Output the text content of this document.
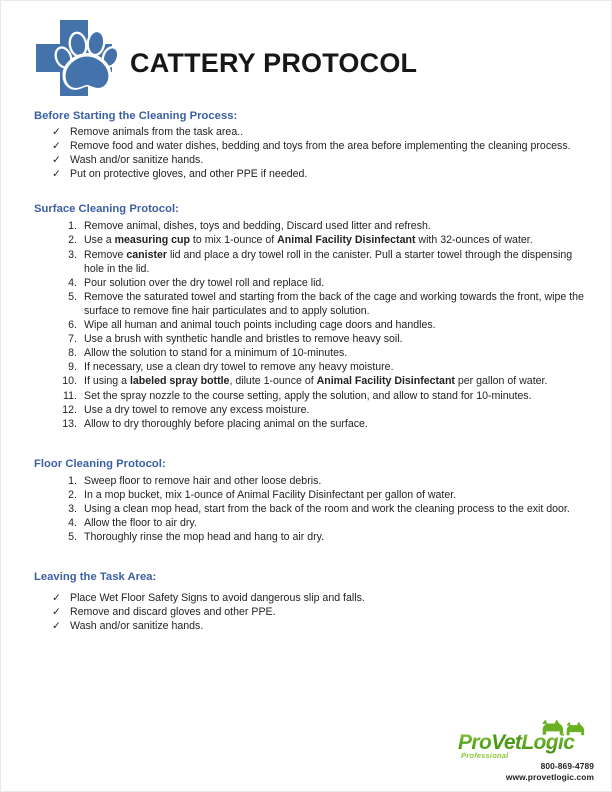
CATTERY PROTOCOL
Before Starting the Cleaning Process:
✓ Remove animals from the task area..
✓ Remove food and water dishes, bedding and toys from the area before implementing the cleaning process.
✓ Wash and/or sanitize hands.
✓ Put on protective gloves, and other PPE if needed.
Surface Cleaning Protocol:
1. Remove animal, dishes, toys and bedding, Discard used litter and refresh.
2. Use a measuring cup to mix 1-ounce of Animal Facility Disinfectant with 32-ounces of water.
3. Remove canister lid and place a dry towel roll in the canister. Pull a starter towel through the dispensing hole in the lid.
4. Pour solution over the dry towel roll and replace lid.
5. Remove the saturated towel and starting from the back of the cage and working towards the front, wipe the surface to remove fine hair particulates and to apply solution.
6. Wipe all human and animal touch points including cage doors and handles.
7. Use a brush with synthetic handle and bristles to remove heavy soil.
8. Allow the solution to stand for a minimum of 10-minutes.
9. If necessary, use a clean dry towel to remove any heavy moisture.
10. If using a labeled spray bottle, dilute 1-ounce of Animal Facility Disinfectant per gallon of water.
11. Set the spray nozzle to the course setting, apply the solution, and allow to stand for 10-minutes.
12. Use a dry towel to remove any excess moisture.
13. Allow to dry thoroughly before placing animal on the surface.
Floor Cleaning Protocol:
1. Sweep floor to remove hair and other loose debris.
2. In a mop bucket, mix 1-ounce of Animal Facility Disinfectant per gallon of water.
3. Using a clean mop head, start from the back of the room and work the cleaning process to the exit door.
4. Allow the floor to air dry.
5. Thoroughly rinse the mop head and hang to air dry.
Leaving the Task Area:
✓ Place Wet Floor Safety Signs to avoid dangerous slip and falls.
✓ Remove and discard gloves and other PPE.
✓ Wash and/or sanitize hands.
ProVetLogic
Professional
800-869-4789
www.provetlogic.com
